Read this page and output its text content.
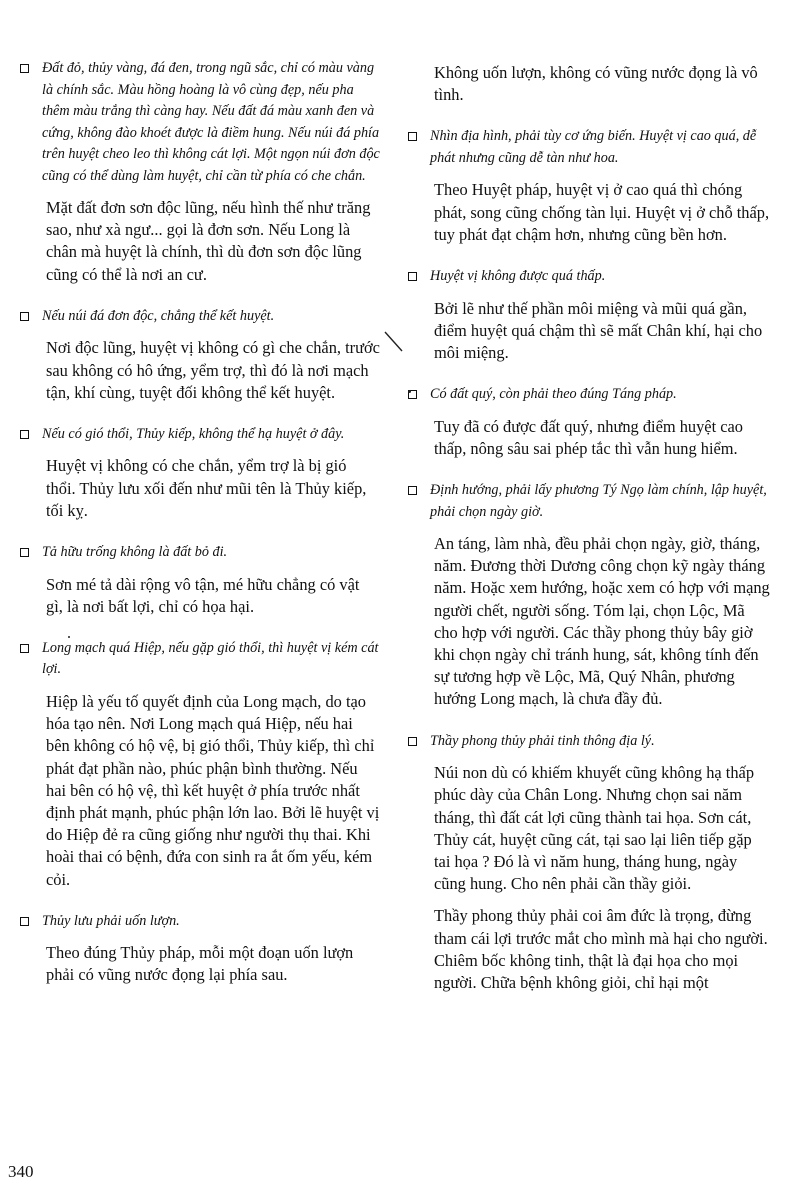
Đất đỏ, thủy vàng, đá đen, trong ngũ sắc, chỉ có màu vàng là chính sắc. Màu hồng hoàng là vô cùng đẹp, nếu pha thêm màu trắng thì càng hay. Nếu đất đá màu xanh đen và cứng, không đào khoét được là điềm hung. Nếu núi đá phía trên huyệt cheo leo thì không cát lợi. Một ngọn núi đơn độc cũng có thể dùng làm huyệt, chỉ cần từ phía có che chắn.
Mặt đất đơn sơn độc lũng, nếu hình thế như trăng sao, như xà ngư... gọi là đơn sơn. Nếu Long là chân mà huyệt là chính, thì dù đơn sơn độc lũng cũng có thể là nơi an cư.
Nếu núi đá đơn độc, chẳng thể kết huyệt.
Nơi độc lũng, huyệt vị không có gì che chắn, trước sau không có hô ứng, yểm trợ, thì đó là nơi mạch tận, khí cùng, tuyệt đối không thể kết huyệt.
Nếu có gió thổi, Thủy kiếp, không thể hạ huyệt ở đây.
Huyệt vị không có che chắn, yểm trợ là bị gió thổi. Thủy lưu xối đến như mũi tên là Thủy kiếp, tối kỵ.
Tả hữu trống không là đất bỏ đi.
Sơn mé tả dài rộng vô tận, mé hữu chẳng có vật gì, là nơi bất lợi, chỉ có họa hại.
Long mạch quá Hiệp, nếu gặp gió thổi, thì huyệt vị kém cát lợi.
Hiệp là yếu tố quyết định của Long mạch, do tạo hóa tạo nên. Nơi Long mạch quá Hiệp, nếu hai bên không có hộ vệ, bị gió thổi, Thủy kiếp, thì chỉ phát đạt phần nào, phúc phận bình thường. Nếu hai bên có hộ vệ, thì kết huyệt ở phía trước nhất định phát mạnh, phúc phận lớn lao. Bởi lẽ huyệt vị do Hiệp đẻ ra cũng giống như người thụ thai. Khi hoài thai có bệnh, đứa con sinh ra ắt ốm yếu, kém cỏi.
Thủy lưu phải uốn lượn.
Theo đúng Thủy pháp, mỗi một đoạn uốn lượn phải có vũng nước đọng lại phía sau.
Không uốn lượn, không có vũng nước đọng là vô tình.
Nhìn địa hình, phải tùy cơ ứng biến. Huyệt vị cao quá, dễ phát nhưng cũng dễ tàn như hoa.
Theo Huyệt pháp, huyệt vị ở cao quá thì chóng phát, song cũng chống tàn lụi. Huyệt vị ở chỗ thấp, tuy phát đạt chậm hơn, nhưng cũng bền hơn.
Huyệt vị không được quá thấp.
Bởi lẽ như thế phần môi miệng và mũi quá gần, điểm huyệt quá chậm thì sẽ mất Chân khí, hại cho môi miệng.
Có đất quý, còn phải theo đúng Táng pháp.
Tuy đã có được đất quý, nhưng điểm huyệt cao thấp, nông sâu sai phép tắc thì vẫn hung hiểm.
Định hướng, phải lấy phương Tý Ngọ làm chính, lập huyệt, phải chọn ngày giờ.
An táng, làm nhà, đều phải chọn ngày, giờ, tháng, năm. Đương thời Dương công chọn kỹ ngày tháng năm. Hoặc xem hướng, hoặc xem có hợp với mạng người chết, người sống. Tóm lại, chọn Lộc, Mã cho hợp với người. Các thầy phong thủy bây giờ khi chọn ngày chỉ tránh hung, sát, không tính đến sự tương hợp về Lộc, Mã, Quý Nhân, phương hướng Long mạch, là chưa đầy đủ.
Thầy phong thủy phải tinh thông địa lý.

Núi non dù có khiếm khuyết cũng không hạ thấp phúc dày của Chân Long. Nhưng chọn sai năm tháng, thì đất cát lợi cũng thành tai họa. Sơn cát, Thủy cát, huyệt cũng cát, tại sao lại liên tiếp gặp tai họa ? Đó là vì năm hung, tháng hung, ngày cũng hung. Cho nên phải cần thầy giỏi.

Thầy phong thủy phải coi âm đức là trọng, đừng tham cái lợi trước mắt cho mình mà hại cho người. Chiêm bốc không tinh, thật là đại họa cho mọi người. Chữa bệnh không giỏi, chỉ hại một

340
